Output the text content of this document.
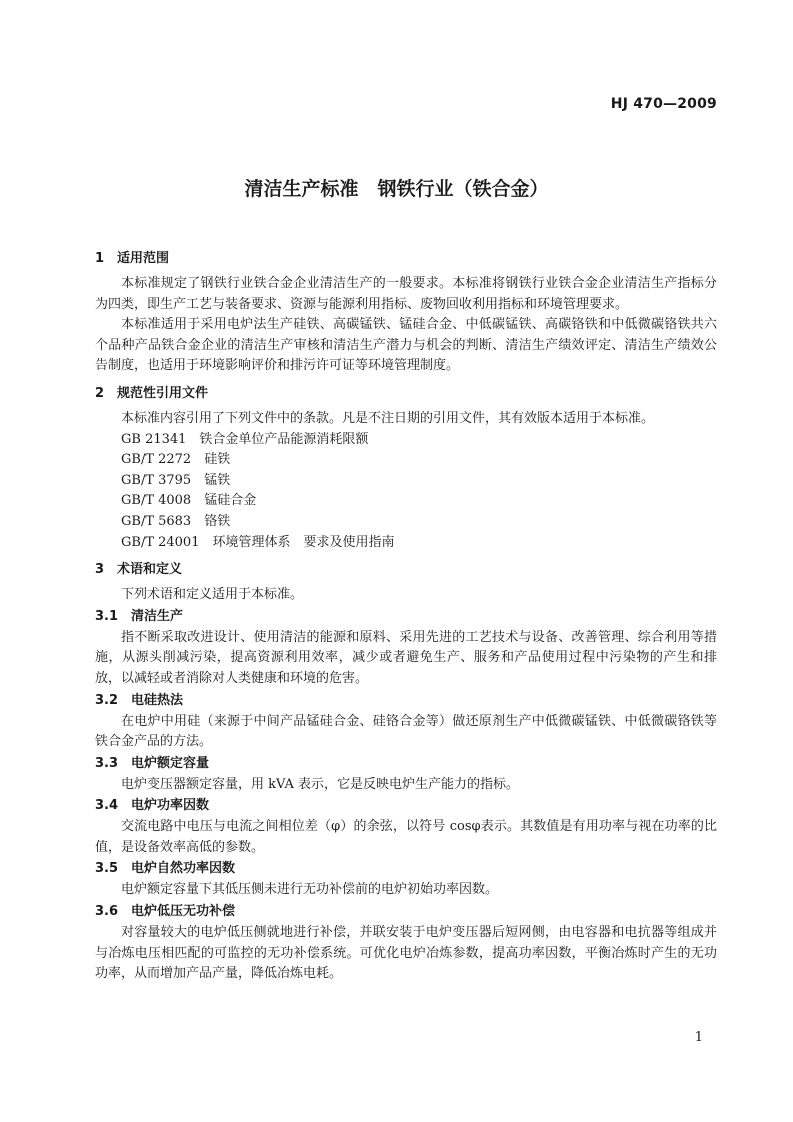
HJ 470—2009
清洁生产标准　钢铁行业（铁合金）
1　适用范围

本标准规定了钢铁行业铁合金企业清洁生产的一般要求。本标准将钢铁行业铁合金企业清洁生产指标分为四类，即生产工艺与装备要求、资源与能源利用指标、废物回收利用指标和环境管理要求。

本标准适用于采用电炉法生产硅铁、高碳锰铁、锰硅合金、中低碳锰铁、高碳铬铁和中低微碳铬铁共六个品种产品铁合金企业的清洁生产审核和清洁生产潜力与机会的判断、清洁生产绩效评定、清洁生产绩效公告制度，也适用于环境影响评价和排污许可证等环境管理制度。

2　规范性引用文件

本标准内容引用了下列文件中的条款。凡是不注日期的引用文件，其有效版本适用于本标准。

GB 21341　铁合金单位产品能源消耗限额

GB/T 2272　硅铁

GB/T 3795　锰铁

GB/T 4008　锰硅合金

GB/T 5683　铬铁

GB/T 24001　环境管理体系　要求及使用指南

3　术语和定义

下列术语和定义适用于本标准。

3.1　清洁生产

指不断采取改进设计、使用清洁的能源和原料、采用先进的工艺技术与设备、改善管理、综合利用等措施，从源头削减污染，提高资源利用效率，减少或者避免生产、服务和产品使用过程中污染物的产生和排放，以减轻或者消除对人类健康和环境的危害。

3.2　电硅热法

在电炉中用硅（来源于中间产品锰硅合金、硅铬合金等）做还原剂生产中低微碳锰铁、中低微碳铬铁等铁合金产品的方法。

3.3　电炉额定容量

电炉变压器额定容量，用 kVA 表示，它是反映电炉生产能力的指标。

3.4　电炉功率因数

交流电路中电压与电流之间相位差（φ）的余弦，以符号 cosφ表示。其数值是有用功率与视在功率的比值，是设备效率高低的参数。

3.5　电炉自然功率因数

电炉额定容量下其低压侧未进行无功补偿前的电炉初始功率因数。

3.6　电炉低压无功补偿

对容量较大的电炉低压侧就地进行补偿，并联安装于电炉变压器后短网侧，由电容器和电抗器等组成并与冶炼电压相匹配的可监控的无功补偿系统。可优化电炉冶炼参数，提高功率因数，平衡冶炼时产生的无功功率，从而增加产品产量，降低冶炼电耗。

1
